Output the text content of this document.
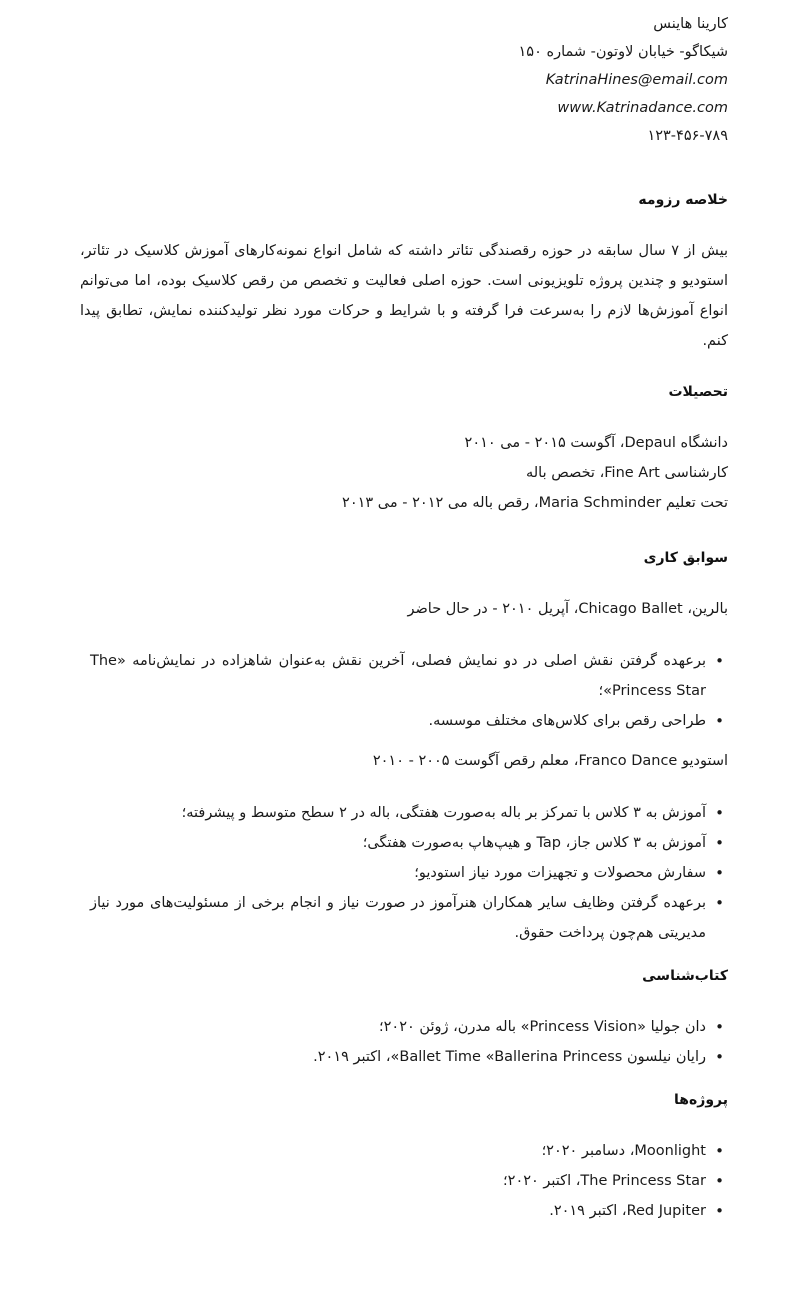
کارینا هاینس
شیکاگو- خیابان لاوتون- شماره ۱۵۰
KatrinaHines@email.com
www.Katrinadance.com
۱۲۳-۴۵۶-۷۸۹
خلاصه رزومه
بیش از ۷ سال سابقه در حوزه رقصندگی تئاتر داشته که شامل انواع نمونه‌کارهای آموزش کلاسیک در تئاتر، استودیو و چندین پروژه تلویزیونی است. حوزه اصلی فعالیت و تخصص من رقص کلاسیک بوده، اما می‌توانم انواع آموزش‌ها لازم را به‌سرعت فرا گرفته و با شرایط و حرکات مورد نظر تولیدکننده نمایش، تطابق پیدا کنم.
تحصیلات
دانشگاه Depaul، آگوست ۲۰۱۵ - می ۲۰۱۰
کارشناسی Fine Art، تخصص باله
تحت تعلیم Maria Schminder، رقص باله می ۲۰۱۲ - می ۲۰۱۳
سوابق کاری
بالرین، Chicago Ballet، آپریل ۲۰۱۰ - در حال حاضر
• برعهده گرفتن نقش اصلی در دو نمایش فصلی، آخرین نقش به‌عنوان شاهزاده در نمایش‌نامه «The Princess Star»؛
• طراحی رقص برای کلاس‌های مختلف موسسه.
استودیو Franco Dance، معلم رقص آگوست ۲۰۰۵ - ۲۰۱۰
• آموزش به ۳ کلاس با تمرکز بر باله به‌صورت هفتگی، باله در ۲ سطح متوسط و پیشرفته؛
• آموزش به ۳ کلاس جاز، Tap و هیپ‌هاپ به‌صورت هفتگی؛
• سفارش محصولات و تجهیزات مورد نیاز استودیو؛
• برعهده گرفتن وظایف سایر همکاران هنرآموز در صورت نیاز و انجام برخی از مسئولیت‌های مورد نیاز مدیریتی هم‌چون پرداخت حقوق.
کتاب‌شناسی
• دان جولیا «Princess Vision» باله مدرن، ژوئن ۲۰۲۰؛
• رایان نیلسون Ballet Time «Ballerina Princess»، اکتبر ۲۰۱۹.
پروژه‌ها
• Moonlight، دسامبر ۲۰۲۰؛
• The Princess Star، اکتبر ۲۰۲۰؛
• Red Jupiter، اکتبر ۲۰۱۹.
